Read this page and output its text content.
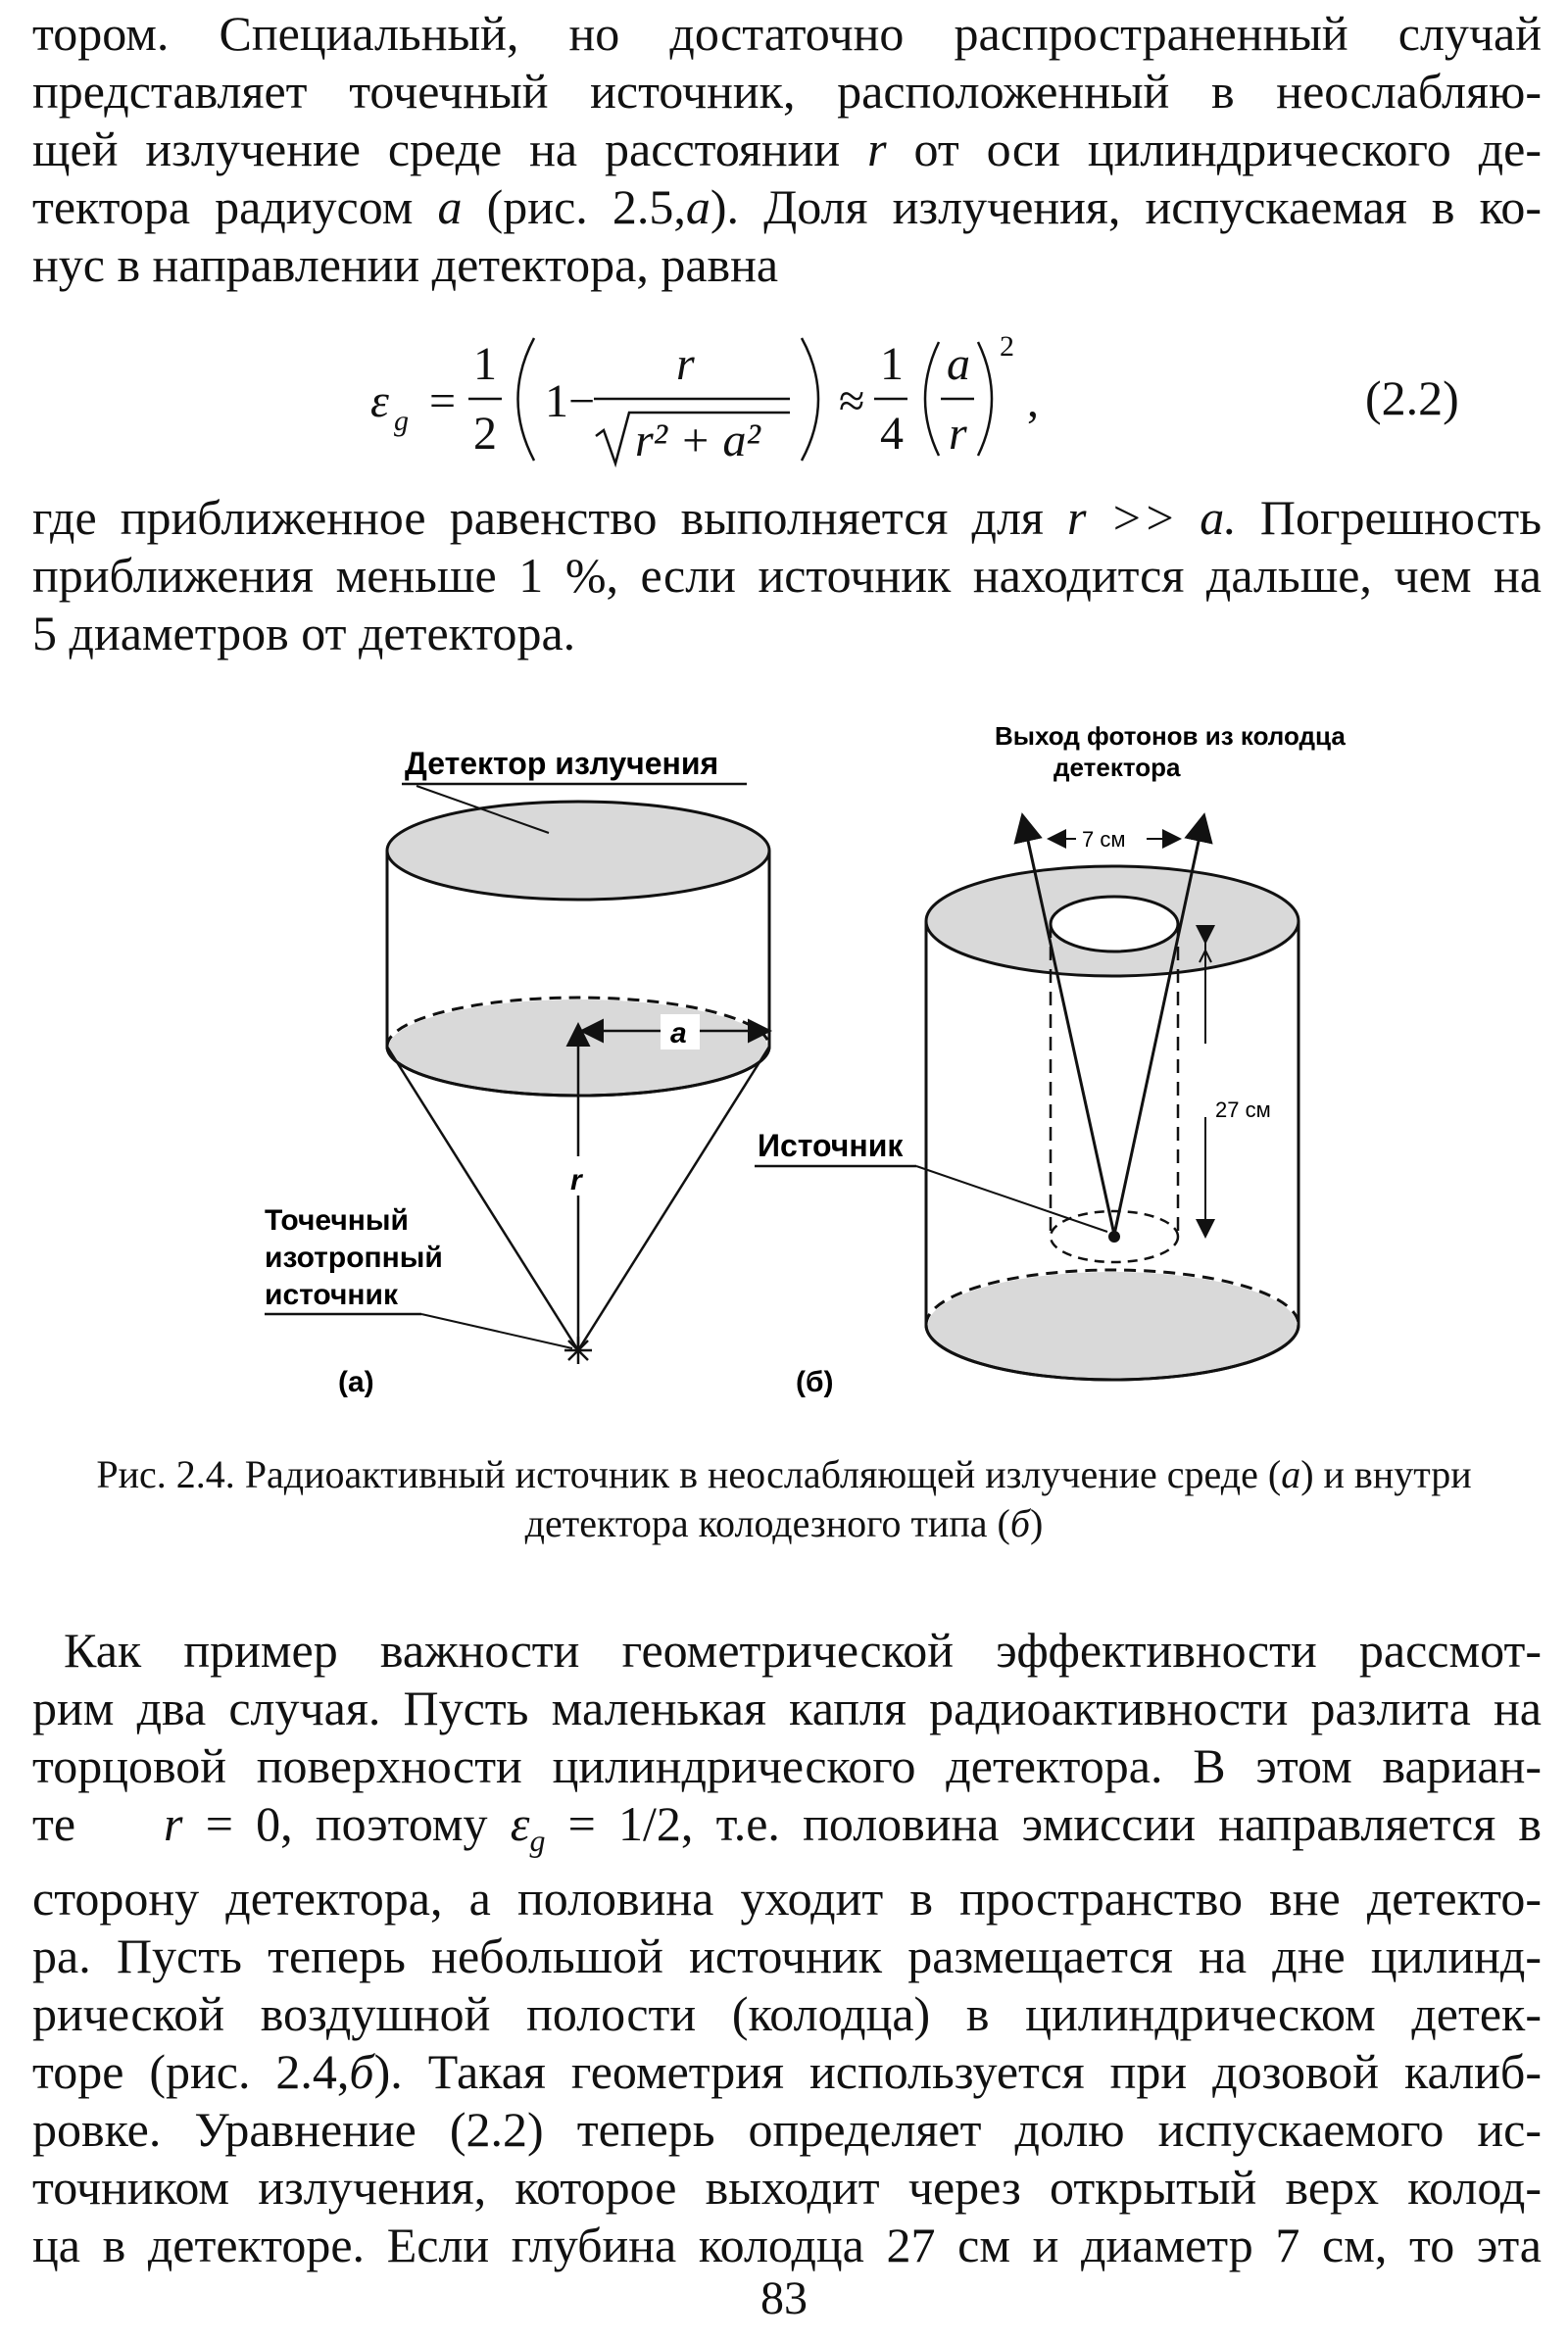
тором. Специальный, но достаточно распространенный случай
представляет точечный источник, расположенный в неослабляю-
щей излучение среде на расстоянии r от оси цилиндрического де-
тектора радиусом a (рис. 2.5,a). Доля излучения, испускаемая в ко-
нус в направлении детектора, равна
ε g =
1
2
1−
r
r² + a²
≈
1
4
a
r
2
,	(2.2)
где приближенное равенство выполняется для r >> a. Погрешность
приближения меньше 1 %, если источник находится дальше, чем на
5 диаметров от детектора.
a
r
Детектор излучения
Точечный
изотропный
источник
(а)
7 см
27 см
Выход фотонов из колодца
детектора
Источник
(б)
Рис. 2.4. Радиоактивный источник в неослабляющей излучение среде (а) и внутри
детектора колодезного типа (б)
Как пример важности геометрической эффективности рассмот-
рим два случая. Пусть маленькая капля радиоактивности разлита на
торцовой поверхности цилиндрического детектора. В этом вариан-
те r = 0, поэтому $\varepsilon_g = 1/2$, т.е. половина эмиссии направляется в
сторону детектора, а половина уходит в пространство вне детекто-
ра. Пусть теперь небольшой источник размещается на дне цилинд-
рической воздушной полости (колодца) в цилиндрическом детек-
торе (рис. 2.4,б). Такая геометрия используется при дозовой калиб-
ровке. Уравнение (2.2) теперь определяет долю испускаемого ис-
точником излучения, которое выходит через открытый верх колод-
ца в детекторе. Если глубина колодца 27 см и диаметр 7 см, то эта
83
